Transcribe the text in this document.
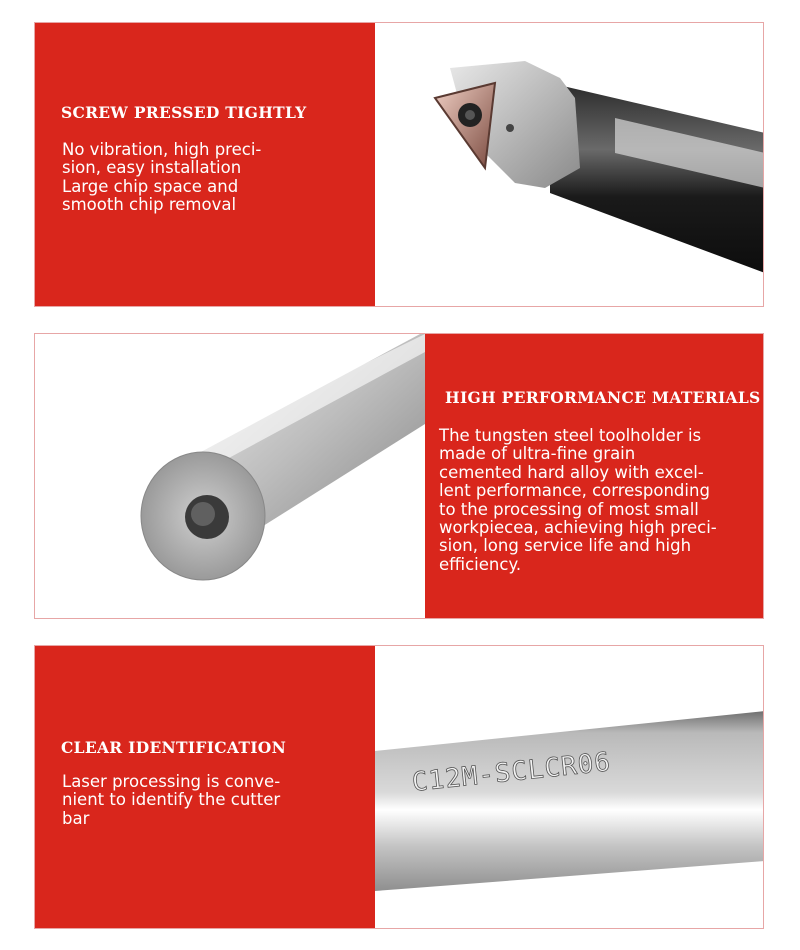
SCREW PRESSED TIGHTLY
No vibration, high preci-
sion, easy installation
Large chip space and
smooth chip removal
HIGH PERFORMANCE MATERIALS
The tungsten steel toolholder is
made of ultra-fine grain
cemented hard alloy with excel-
lent performance, corresponding
to the processing of most small
workpiecea, achieving high preci-
sion, long service life and high
efficiency.
CLEAR IDENTIFICATION
Laser processing is conve-
nient to identify the cutter
bar
C12M-SCLCR06
